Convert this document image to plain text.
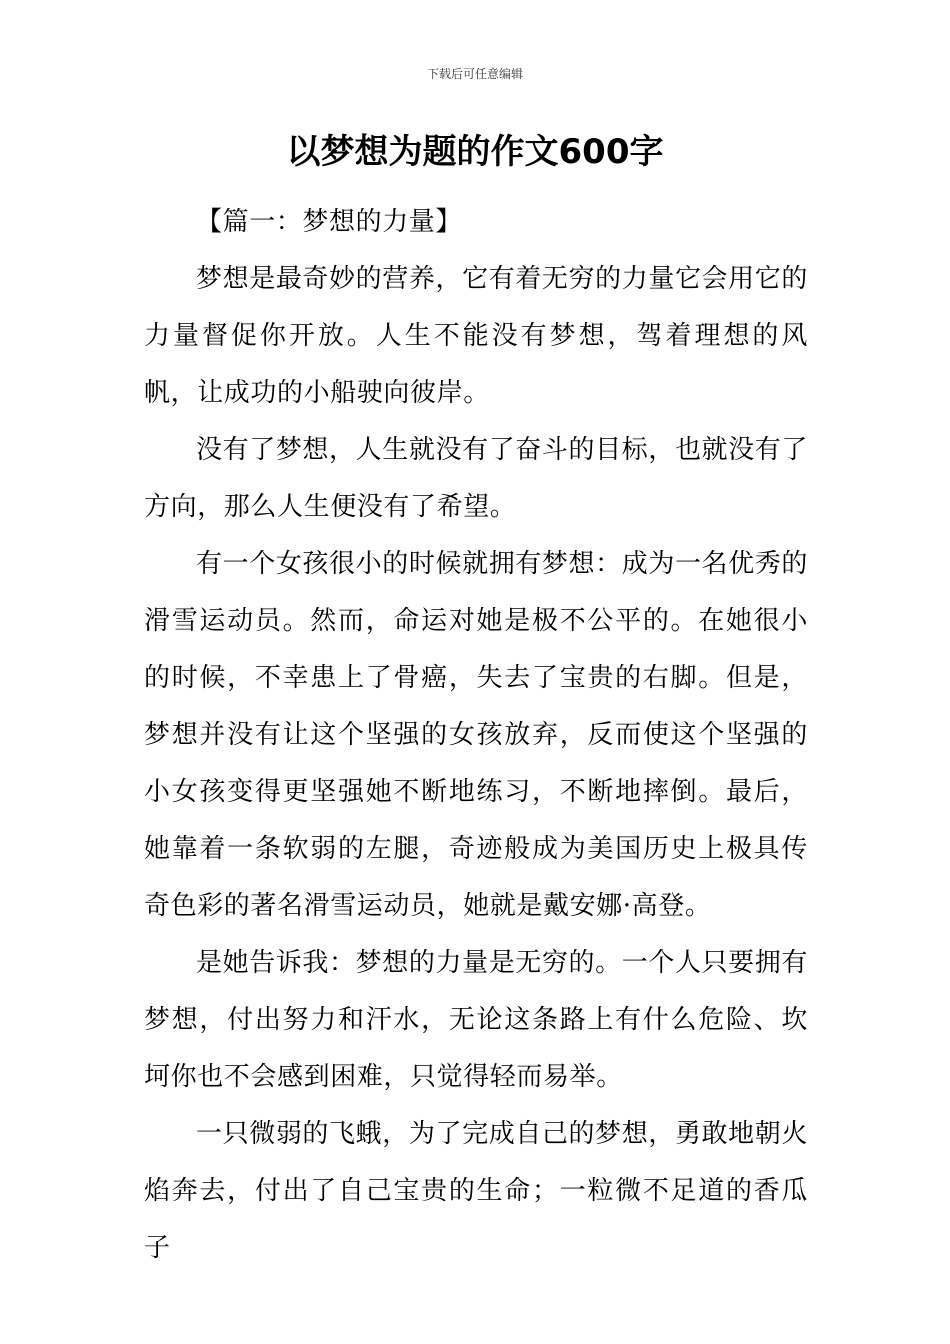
下载后可任意编辑
以梦想为题的作文600字

【篇一：梦想的力量】

梦想是最奇妙的营养，它有着无穷的力量它会用它的力量督促你开放。人生不能没有梦想，驾着理想的风帆，让成功的小船驶向彼岸。

没有了梦想，人生就没有了奋斗的目标，也就没有了方向，那么人生便没有了希望。

有一个女孩很小的时候就拥有梦想：成为一名优秀的滑雪运动员。然而，命运对她是极不公平的。在她很小的时候，不幸患上了骨癌，失去了宝贵的右脚。但是，梦想并没有让这个坚强的女孩放弃，反而使这个坚强的小女孩变得更坚强她不断地练习，不断地摔倒。最后，她靠着一条软弱的左腿，奇迹般成为美国历史上极具传奇色彩的著名滑雪运动员，她就是戴安娜·高登。

是她告诉我：梦想的力量是无穷的。一个人只要拥有梦想，付出努力和汗水，无论这条路上有什么危险、坎坷你也不会感到困难，只觉得轻而易举。

一只微弱的飞蛾，为了完成自己的梦想，勇敢地朝火焰奔去，付出了自己宝贵的生命；一粒微不足道的香瓜子
